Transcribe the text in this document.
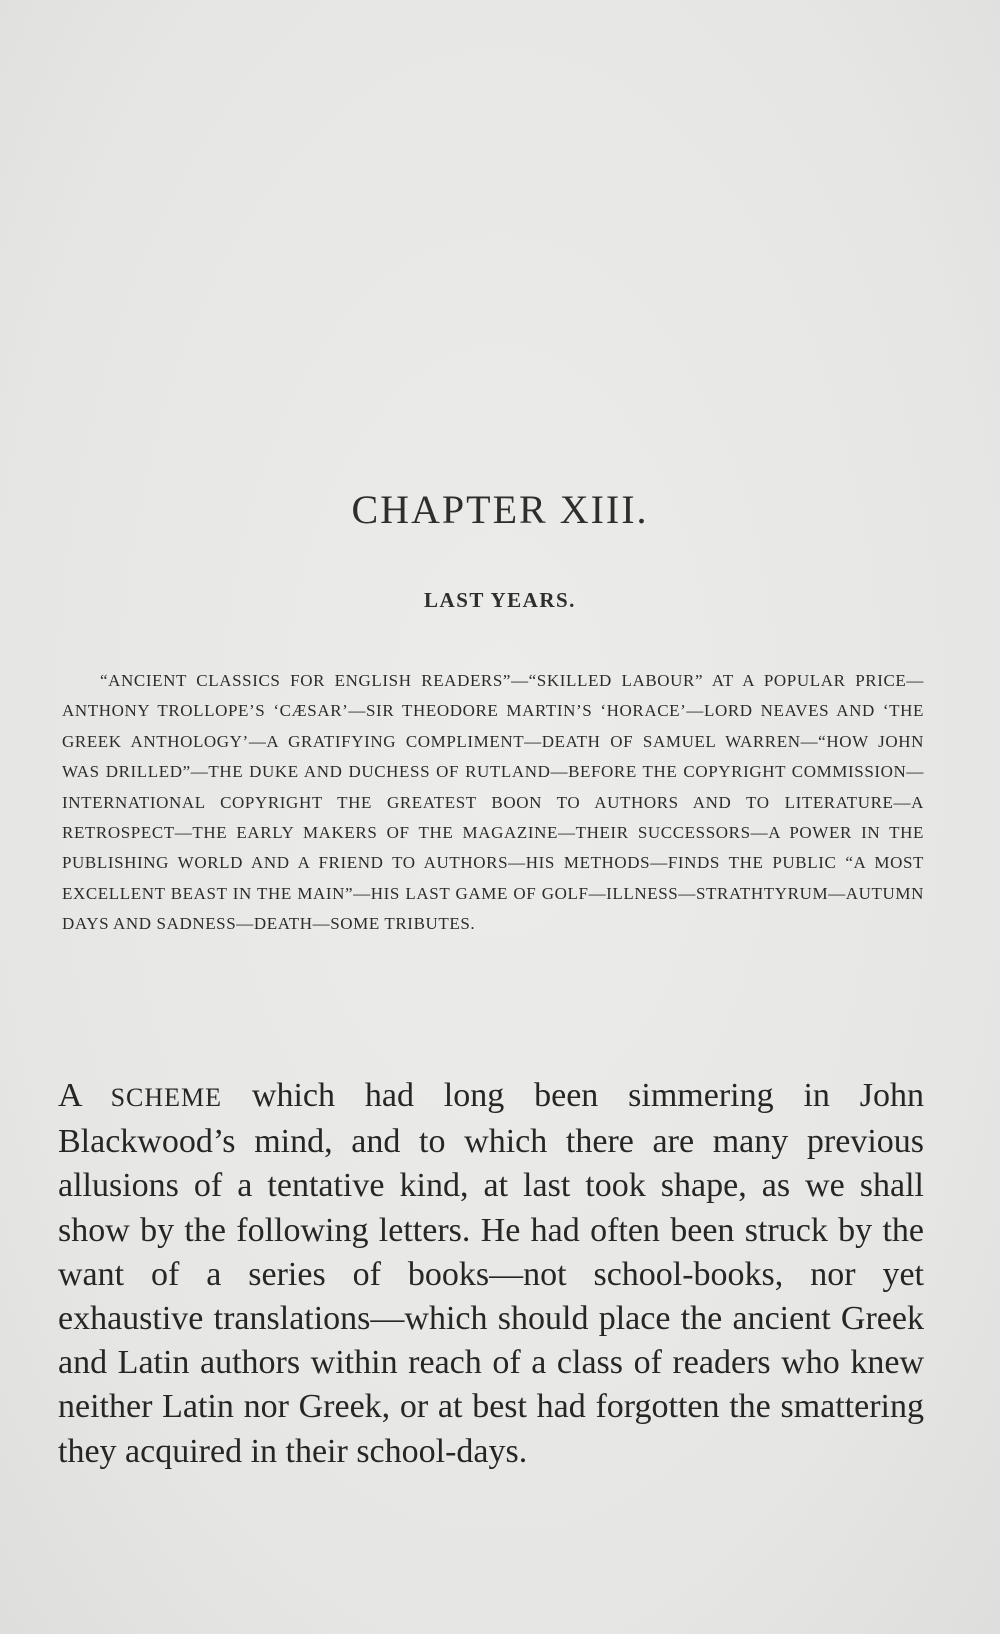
CHAPTER XIII.
LAST YEARS.

“ANCIENT CLASSICS FOR ENGLISH READERS”—“SKILLED LABOUR” AT A POPULAR PRICE—ANTHONY TROLLOPE’S ‘CÆSAR’—SIR THEODORE MARTIN’S ‘HORACE’—LORD NEAVES AND ‘THE GREEK ANTHOLOGY’—A GRATIFYING COMPLIMENT—DEATH OF SAMUEL WARREN—“HOW JOHN WAS DRILLED”—THE DUKE AND DUCHESS OF RUTLAND—BEFORE THE COPYRIGHT COMMISSION—INTERNATIONAL COPYRIGHT THE GREATEST BOON TO AUTHORS AND TO LITERATURE—A RETROSPECT—THE EARLY MAKERS OF THE MAGAZINE—THEIR SUCCESSORS—A POWER IN THE PUBLISHING WORLD AND A FRIEND TO AUTHORS—HIS METHODS—FINDS THE PUBLIC “A MOST EXCELLENT BEAST IN THE MAIN”—HIS LAST GAME OF GOLF—ILLNESS—STRATHTYRUM—AUTUMN DAYS AND SADNESS—DEATH—SOME TRIBUTES.

A SCHEME which had long been simmering in John Blackwood’s mind, and to which there are many previous allusions of a tentative kind, at last took shape, as we shall show by the following letters. He had often been struck by the want of a series of books—not school-books, nor yet exhaustive translations—which should place the ancient Greek and Latin authors within reach of a class of readers who knew neither Latin nor Greek, or at best had forgotten the smattering they acquired in their school-days.
